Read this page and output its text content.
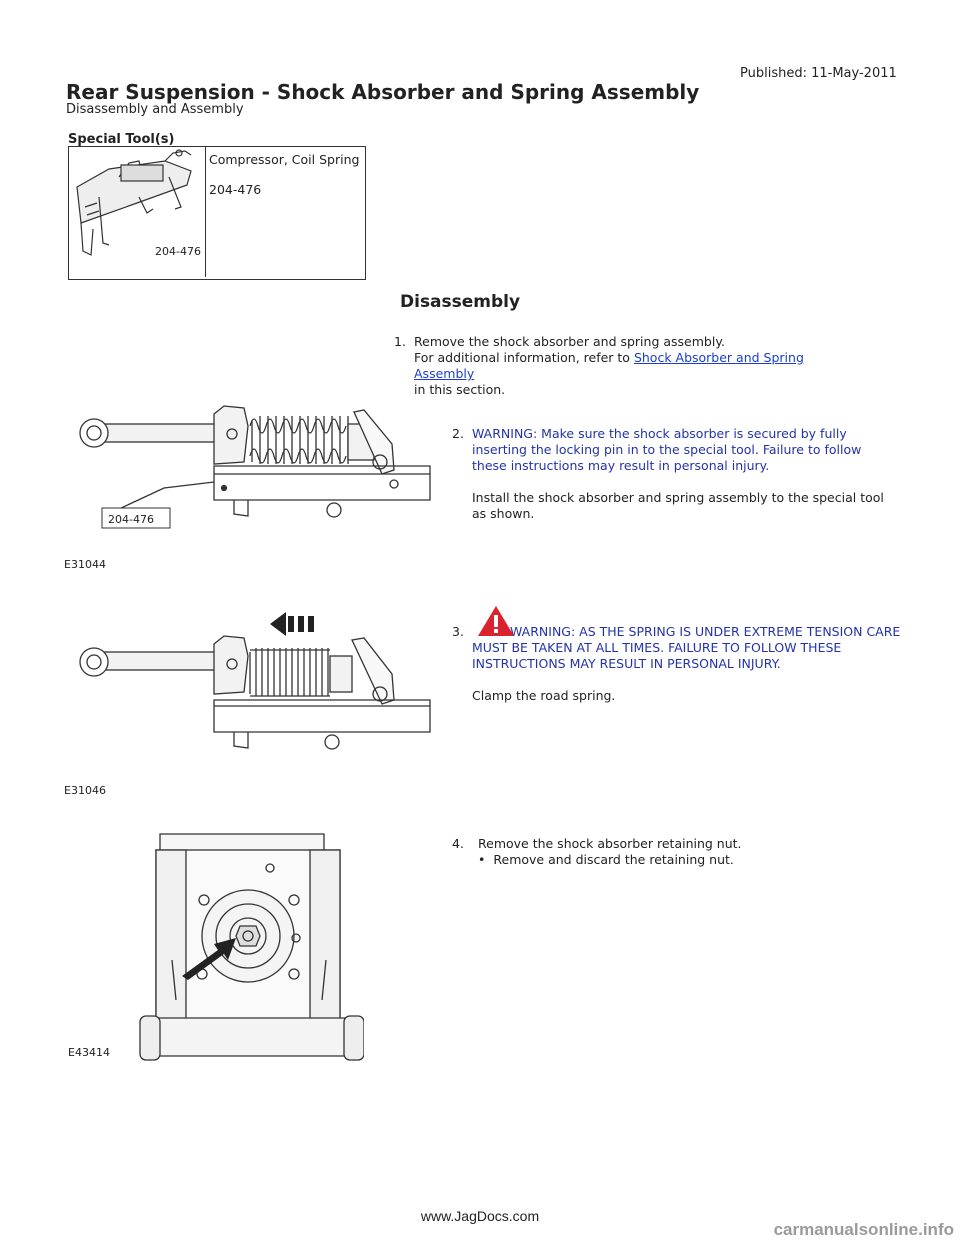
Published: 11-May-2011
Rear Suspension - Shock Absorber and Spring Assembly
Disassembly and Assembly
Special Tool(s)
204-476

Compressor, Coil Spring

204-476

Disassembly
1. Remove the shock absorber and spring assembly.

For additional information, refer to Shock Absorber and Spring Assembly

in this section.

204-476
E31044
2. WARNING: Make sure the shock absorber is secured by fully inserting the locking pin in to the special tool. Failure to follow these instructions may result in personal injury.

Install the shock absorber and spring assembly to the special tool as shown.

E31046
3.	WARNING: AS THE SPRING IS UNDER EXTREME TENSION CARE MUST BE TAKEN AT ALL TIMES. FAILURE TO FOLLOW THESE INSTRUCTIONS MAY RESULT IN PERSONAL INJURY.

Clamp the road spring.

E43414
4. Remove the shock absorber retaining nut.

• Remove and discard the retaining nut.

www.JagDocs.com
carmanualsonline.info
